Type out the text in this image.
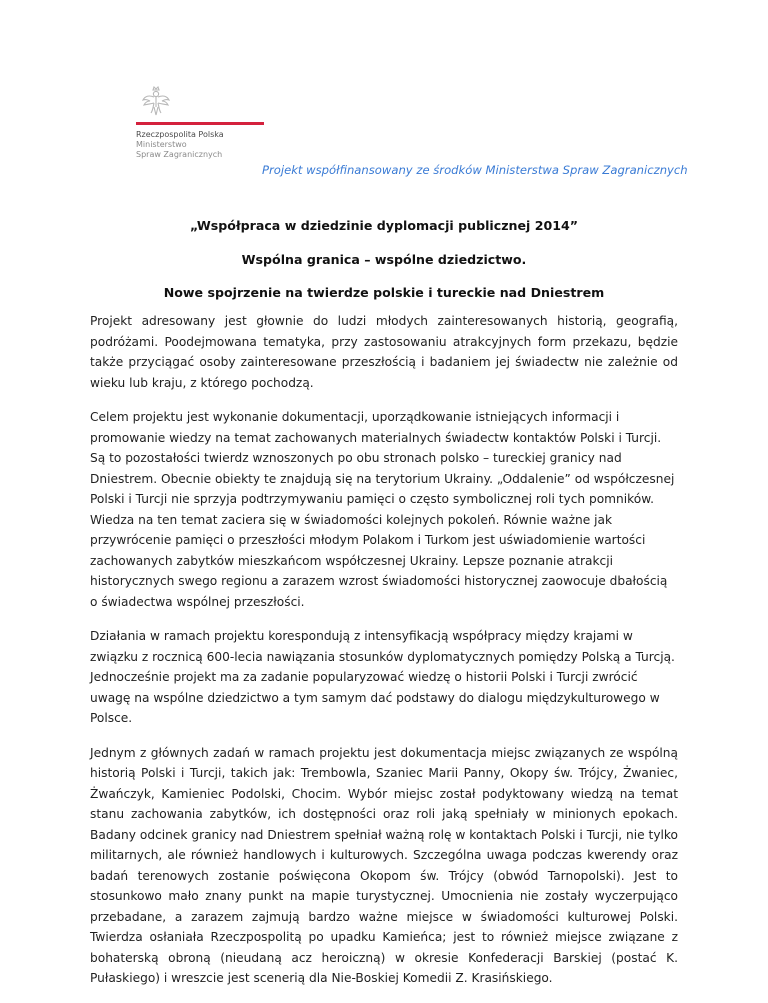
Rzeczpospolita Polska
Ministerstwo
Spraw Zagranicznych
Projekt współfinansowany ze środków Ministerstwa Spraw Zagranicznych
„Współpraca w dziedzinie dyplomacji publicznej 2014”
Wspólna granica – wspólne dziedzictwo.
Nowe spojrzenie na twierdze polskie i tureckie nad Dniestrem

Projekt adresowany jest głownie do ludzi młodych zainteresowanych historią, geografią, podróżami. Poodejmowana tematyka, przy zastosowaniu atrakcyjnych form przekazu, będzie także przyciągać osoby zainteresowane przeszłością i badaniem jej świadectw nie zależnie od wieku lub kraju, z którego pochodzą.

Celem projektu jest wykonanie dokumentacji, uporządkowanie istniejących informacji i promowanie wiedzy na temat zachowanych materialnych świadectw kontaktów Polski i Turcji. Są to pozostałości twierdz wznoszonych po obu stronach polsko – tureckiej granicy nad Dniestrem. Obecnie obiekty te znajdują się na terytorium Ukrainy. „Oddalenie” od współczesnej Polski i Turcji nie sprzyja podtrzymywaniu pamięci o często symbolicznej roli tych pomników. Wiedza na ten temat zaciera się w świadomości kolejnych pokoleń. Równie ważne jak przywrócenie pamięci o przeszłości młodym Polakom i Turkom jest uświadomienie wartości zachowanych zabytków mieszkańcom współczesnej Ukrainy. Lepsze poznanie atrakcji historycznych swego regionu a zarazem wzrost świadomości historycznej zaowocuje dbałością o świadectwa wspólnej przeszłości.

Działania w ramach projektu korespondują z intensyfikacją współpracy między krajami w związku z rocznicą 600-lecia nawiązania stosunków dyplomatycznych pomiędzy Polską a Turcją. Jednocześnie projekt ma za zadanie popularyzować wiedzę o historii Polski i Turcji zwrócić uwagę na wspólne dziedzictwo a tym samym dać podstawy do dialogu międzykulturowego w Polsce.

Jednym z głównych zadań w ramach projektu jest dokumentacja miejsc związanych ze wspólną historią Polski i Turcji, takich jak: Trembowla, Szaniec Marii Panny, Okopy św. Trójcy, Żwaniec, Żwańczyk, Kamieniec Podolski, Chocim. Wybór miejsc został podyktowany wiedzą na temat stanu zachowania zabytków, ich dostępności oraz roli jaką spełniały w minionych epokach. Badany odcinek granicy nad Dniestrem spełniał ważną rolę w kontaktach Polski i Turcji, nie tylko militarnych, ale również handlowych i kulturowych. Szczególna uwaga podczas kwerendy oraz badań terenowych zostanie poświęcona Okopom św. Trójcy (obwód Tarnopolski). Jest to stosunkowo mało znany punkt na mapie turystycznej. Umocnienia nie zostały wyczerpująco przebadane, a zarazem zajmują bardzo ważne miejsce w świadomości kulturowej Polski. Twierdza osłaniała Rzeczpospolitą po upadku Kamieńca; jest to również miejsce związane z bohaterską obroną (nieudaną acz heroiczną) w okresie Konfederacji Barskiej (postać K. Pułaskiego) i wreszcie jest scenerią dla Nie-Boskiej Komedii Z. Krasińskiego.
